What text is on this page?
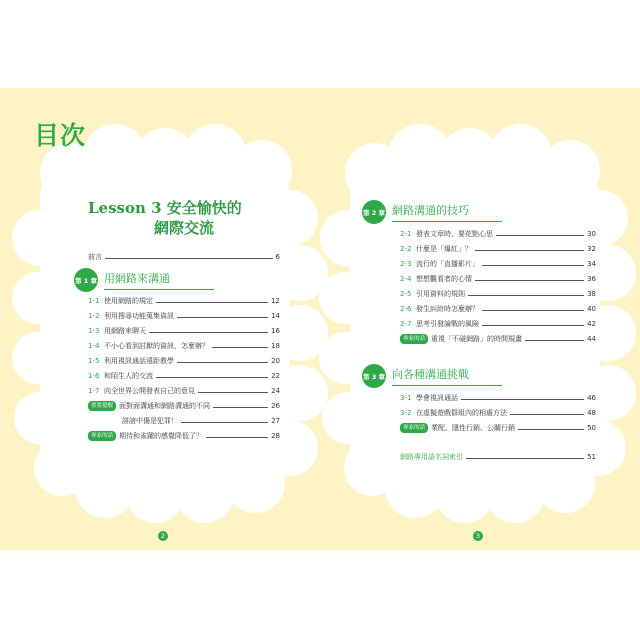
目次
Lesson 3 安全愉快的
網際交流
前言	6
第 1 章 用網路來溝通
1-1 使用網路的規定	12
1-2 利用搜尋功能蒐集資訊	14
1-3 用網路來聊天	16
1-4 不小心看到討厭的資訊，怎麼辦？	18
1-5 利用視訊通話遠距教學	20
1-6 和陌生人的交流	22
1-7 向全世界公開發表自己的意見	24
重要提醒 面對面溝通和網路溝通的不同	26
誹謗中傷是犯罪！	27
專家的話 期待和雀躍的感覺降低了？	28
第 2 章 網路溝通的技巧
2-1 發表文章時，要花點心思	30
2-2 什麼是「爆紅」？	32
2-3 流行的「直播影片」	34
2-4 想想觀看者的心情	36
2-5 引用資料的規則	38
2-6 發生糾紛時怎麼辦？	40
2-7 思考引發論戰的風險	42
專家的話 重視「不碰網路」的時間規畫	44
第 3 章 向各種溝通挑戰
3-1 學會視訊通話	46
3-2 在虛擬遊戲群組內的相處方法	48
專家的話 業配、隱性行銷、公關行銷	50
網路專用語名詞索引	51
2	3
